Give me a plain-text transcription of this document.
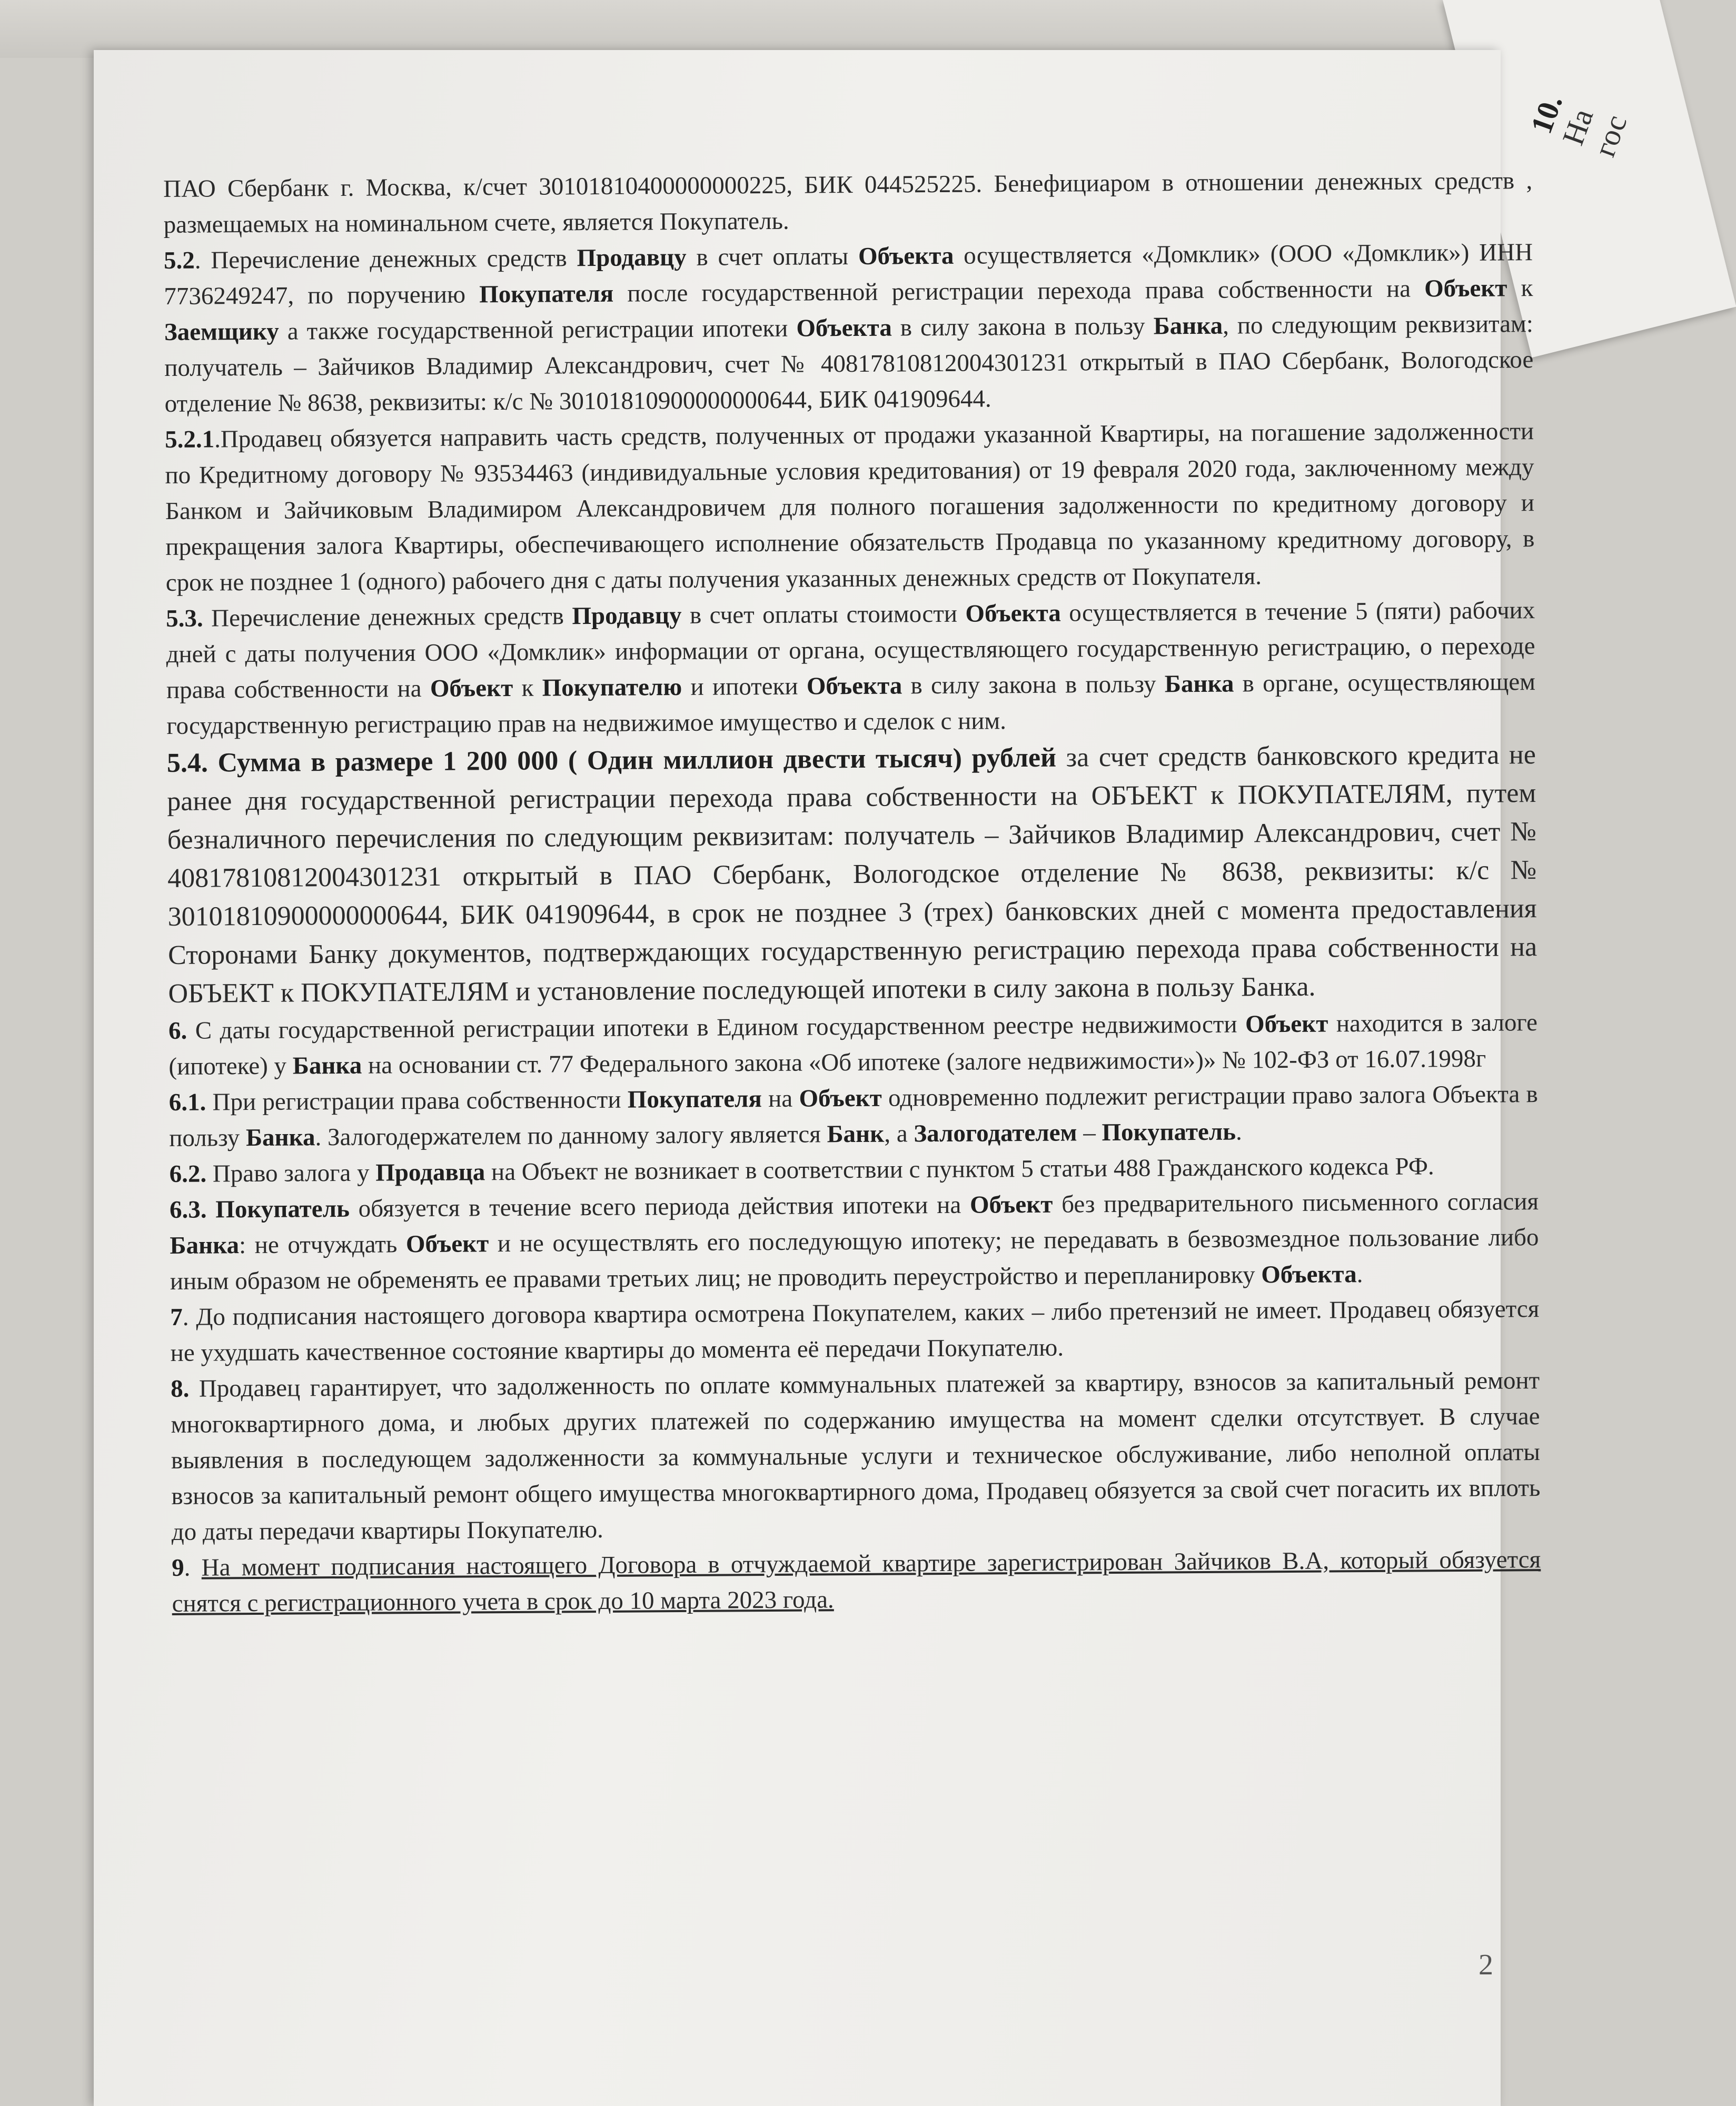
10. На
гос

ПАО Сбербанк г. Москва, к/счет 30101810400000000225, БИК 044525225. Бенефициаром в отношении денежных средств , размещаемых на номинальном счете, является Покупатель.

5.2. Перечисление денежных средств Продавцу в счет оплаты Объекта осуществляется «Домклик» (ООО «Домклик») ИНН 7736249247, по поручению Покупателя после государственной регистрации перехода права собственности на Объект к Заемщику а также государственной регистрации ипотеки Объекта в силу закона в пользу Банка, по следующим реквизитам: получатель – Зайчиков Владимир Александрович, счет № 40817810812004301231 открытый в ПАО Сбербанк, Вологодское отделение № 8638, реквизиты: к/с № 30101810900000000644, БИК 041909644.

5.2.1.Продавец обязуется направить часть средств, полученных от продажи указанной Квартиры, на погашение задолженности по Кредитному договору № 93534463 (индивидуальные условия кредитования) от 19 февраля 2020 года, заключенному между Банком и Зайчиковым Владимиром Александровичем для полного погашения задолженности по кредитному договору и прекращения залога Квартиры, обеспечивающего исполнение обязательств Продавца по указанному кредитному договору, в срок не позднее 1 (одного) рабочего дня с даты получения указанных денежных средств от Покупателя.

5.3. Перечисление денежных средств Продавцу в счет оплаты стоимости Объекта осуществляется в течение 5 (пяти) рабочих дней с даты получения ООО «Домклик» информации от органа, осуществляющего государственную регистрацию, о переходе права собственности на Объект к Покупателю и ипотеки Объекта в силу закона в пользу Банка в органе, осуществляющем государственную регистрацию прав на недвижимое имущество и сделок с ним.

5.4. Сумма в размере 1 200 000 ( Один миллион двести тысяч) рублей за счет средств банковского кредита не ранее дня государственной регистрации перехода права собственности на ОБЪЕКТ к ПОКУПАТЕЛЯМ, путем безналичного перечисления по следующим реквизитам: получатель – Зайчиков Владимир Александрович, счет № 40817810812004301231 открытый в ПАО Сбербанк, Вологодское отделение № 8638, реквизиты: к/с № 30101810900000000644, БИК 041909644, в срок не позднее 3 (трех) банковских дней с момента предоставления Сторонами Банку документов, подтверждающих государственную регистрацию перехода права собственности на ОБЪЕКТ к ПОКУПАТЕЛЯМ и установление последующей ипотеки в силу закона в пользу Банка.

6. С даты государственной регистрации ипотеки в Едином государственном реестре недвижимости Объект находится в залоге (ипотеке) у Банка на основании ст. 77 Федерального закона «Об ипотеке (залоге недвижимости»)» № 102-ФЗ от 16.07.1998г

6.1. При регистрации права собственности Покупателя на Объект одновременно подлежит регистрации право залога Объекта в пользу Банка. Залогодержателем по данному залогу является Банк, а Залогодателем – Покупатель.

6.2. Право залога у Продавца на Объект не возникает в соответствии с пунктом 5 статьи 488 Гражданского кодекса РФ.

6.3. Покупатель обязуется в течение всего периода действия ипотеки на Объект без предварительного письменного согласия Банка: не отчуждать Объект и не осуществлять его последующую ипотеку; не передавать в безвозмездное пользование либо иным образом не обременять ее правами третьих лиц; не проводить переустройство и перепланировку Объекта.

7. До подписания настоящего договора квартира осмотрена Покупателем, каких – либо претензий не имеет. Продавец обязуется не ухудшать качественное состояние квартиры до момента её передачи Покупателю.

8. Продавец гарантирует, что задолженность по оплате коммунальных платежей за квартиру, взносов за капитальный ремонт многоквартирного дома, и любых других платежей по содержанию имущества на момент сделки отсутствует. В случае выявления в последующем задолженности за коммунальные услуги и техническое обслуживание, либо неполной оплаты взносов за капитальный ремонт общего имущества многоквартирного дома, Продавец обязуется за свой счет погасить их вплоть до даты передачи квартиры Покупателю.

9. На момент подписания настоящего Договора в отчуждаемой квартире зарегистрирован Зайчиков В.А, который обязуется снятся с регистрационного учета в срок до 10 марта 2023 года.

2
